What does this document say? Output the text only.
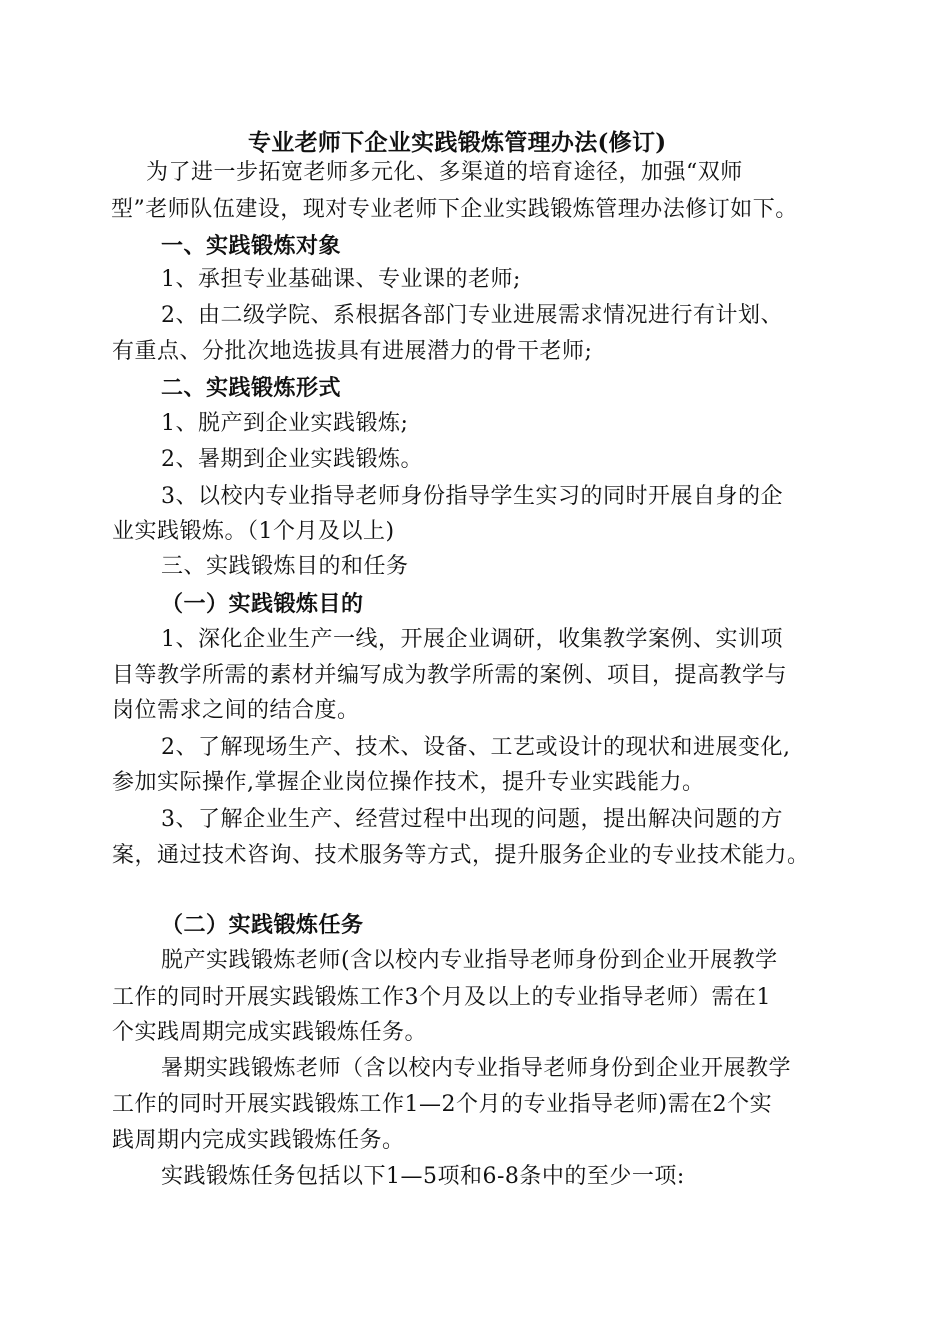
专业老师下企业实践锻炼管理办法(修订)
为了进一步拓宽老师多元化、多渠道的培育途径，加强“双师
型”老师队伍建设，现对专业老师下企业实践锻炼管理办法修订如下。
一、实践锻炼对象
1、承担专业基础课、专业课的老师;
2、由二级学院、系根据各部门专业进展需求情况进行有计划、
有重点、分批次地选拔具有进展潜力的骨干老师;
二、实践锻炼形式
1、脱产到企业实践锻炼;
2、暑期到企业实践锻炼。
3、以校内专业指导老师身份指导学生实习的同时开展自身的企
业实践锻炼。（1个月及以上)
三、实践锻炼目的和任务
（一）实践锻炼目的
1、深化企业生产一线，开展企业调研，收集教学案例、实训项
目等教学所需的素材并编写成为教学所需的案例、项目，提高教学与
岗位需求之间的结合度。
2、了解现场生产、技术、设备、工艺或设计的现状和进展变化,
参加实际操作,掌握企业岗位操作技术，提升专业实践能力。
3、了解企业生产、经营过程中出现的问题，提出解决问题的方
案，通过技术咨询、技术服务等方式，提升服务企业的专业技术能力。
（二）实践锻炼任务
脱产实践锻炼老师(含以校内专业指导老师身份到企业开展教学
工作的同时开展实践锻炼工作3个月及以上的专业指导老师）需在1
个实践周期完成实践锻炼任务。
暑期实践锻炼老师（含以校内专业指导老师身份到企业开展教学
工作的同时开展实践锻炼工作1—2个月的专业指导老师)需在2个实
践周期内完成实践锻炼任务。
实践锻炼任务包括以下1—5项和6-8条中的至少一项:
